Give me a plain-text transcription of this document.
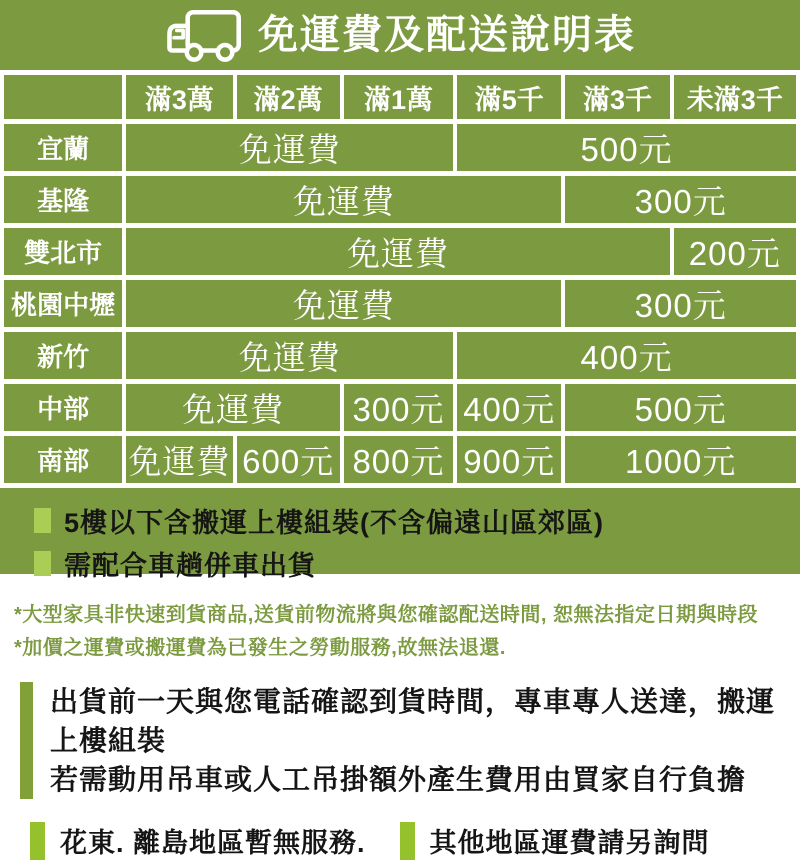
免運費及配送說明表
	滿3萬	滿2萬	滿1萬	滿5千	滿3千	未滿3千
宜蘭	免運費			500元		
基隆	免運費				300元	
雙北市	免運費					200元
桃園中壢	免運費				300元	
新竹	免運費			400元		
中部	免運費		300元	400元	500元	
南部	免運費	600元	800元	900元	1000元	
5樓以下含搬運上樓組裝(不含偏遠山區郊區)
需配合車趟併車出貨

*大型家具非快速到貨商品,送貨前物流將與您確認配送時間, 恕無法指定日期與時段

*加價之運費或搬運費為已發生之勞動服務,故無法退還.

出貨前一天與您電話確認到貨時間，專車專人送達，搬運上樓組裝

若需動用吊車或人工吊掛額外產生費用由買家自行負擔

花東. 離島地區暫無服務. 其他地區運費請另詢問
